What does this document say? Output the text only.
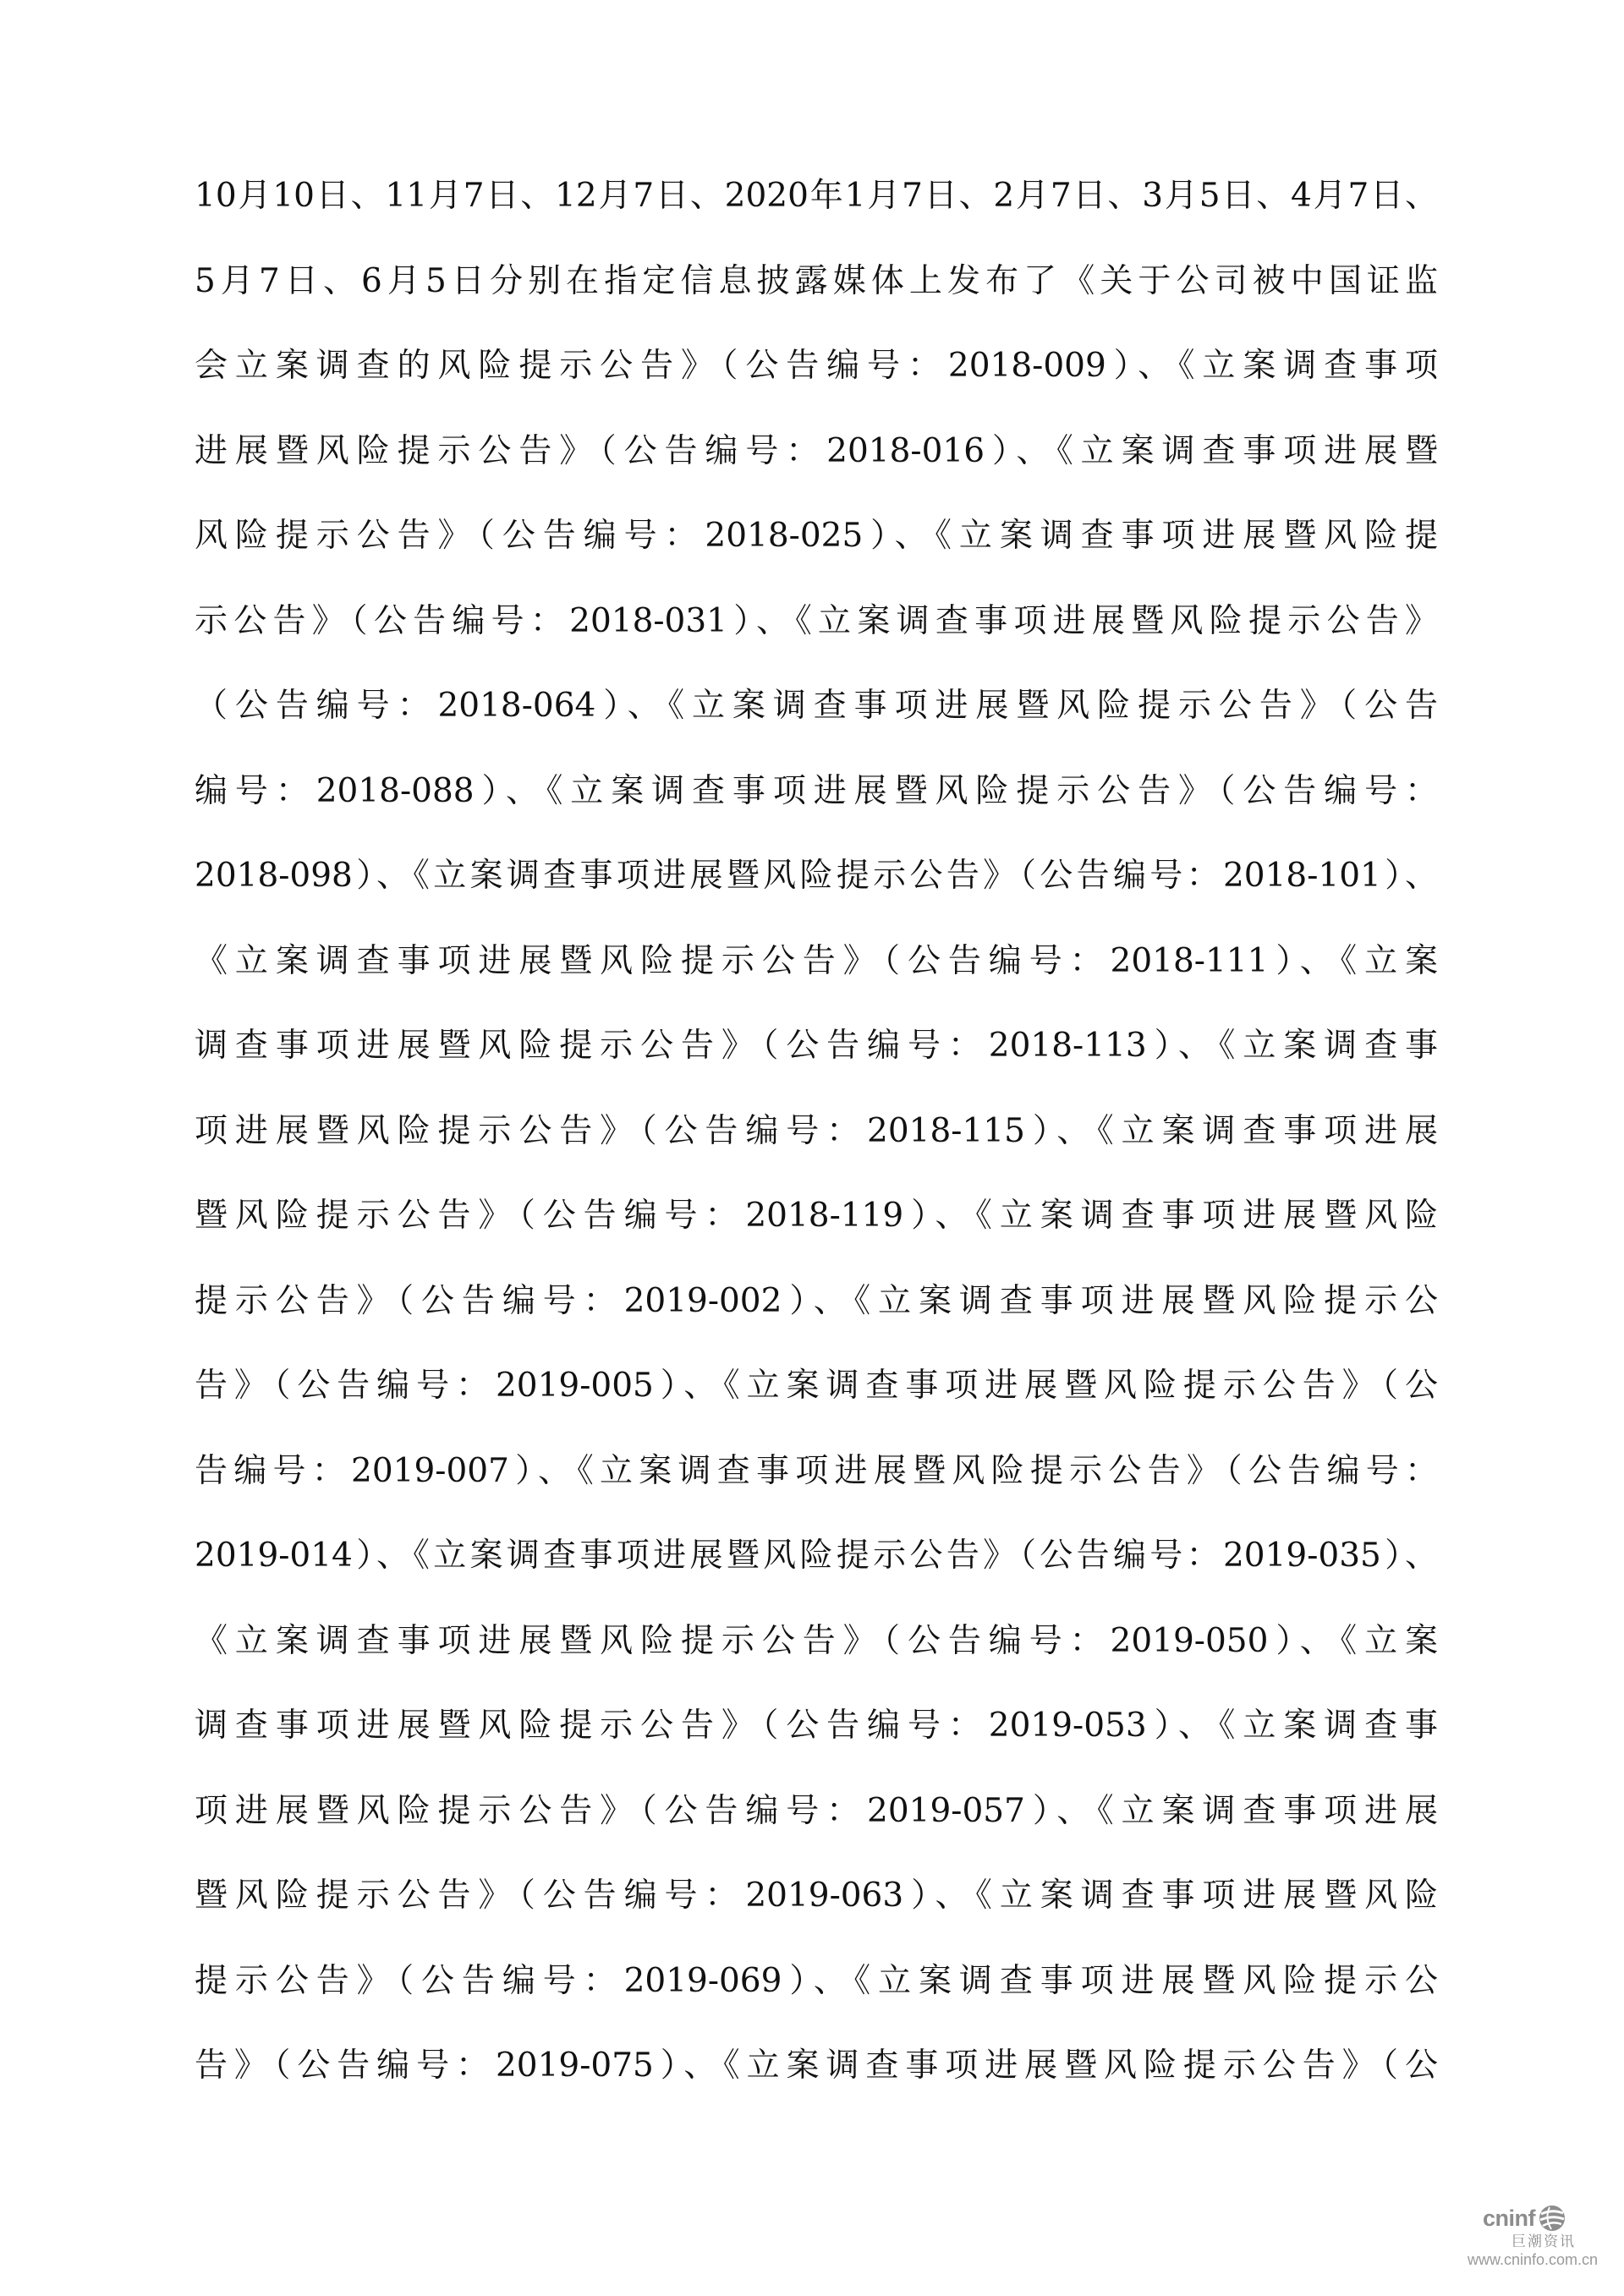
10月10日、11月7日、12月7日、2020年1月7日、2月7日、3月5日、4月7日、
5月7日、6月5日分别在指定信息披露媒体上发布了《关于公司被中国证监
会立案调查的风险提示公告》（公告编号：2018-009）、《立案调查事项
进展暨风险提示公告》（公告编号：2018-016）、《立案调查事项进展暨
风险提示公告》（公告编号：2018-025）、《立案调查事项进展暨风险提
示公告》（公告编号：2018-031）、《立案调查事项进展暨风险提示公告》
（公告编号：2018-064）、《立案调查事项进展暨风险提示公告》（公告
编号：2018-088）、《立案调查事项进展暨风险提示公告》（公告编号：
2018-098）、《立案调查事项进展暨风险提示公告》（公告编号：2018-101）、
《立案调查事项进展暨风险提示公告》（公告编号：2018-111）、《立案
调查事项进展暨风险提示公告》（公告编号：2018-113）、《立案调查事
项进展暨风险提示公告》（公告编号：2018-115）、《立案调查事项进展
暨风险提示公告》（公告编号：2018-119）、《立案调查事项进展暨风险
提示公告》（公告编号：2019-002）、《立案调查事项进展暨风险提示公
告》（公告编号：2019-005）、《立案调查事项进展暨风险提示公告》（公
告编号：2019-007）、《立案调查事项进展暨风险提示公告》（公告编号：
2019-014）、《立案调查事项进展暨风险提示公告》（公告编号：2019-035）、
《立案调查事项进展暨风险提示公告》（公告编号：2019-050）、《立案
调查事项进展暨风险提示公告》（公告编号：2019-053）、《立案调查事
项进展暨风险提示公告》（公告编号：2019-057）、《立案调查事项进展
暨风险提示公告》（公告编号：2019-063）、《立案调查事项进展暨风险
提示公告》（公告编号：2019-069）、《立案调查事项进展暨风险提示公
告》（公告编号：2019-075）、《立案调查事项进展暨风险提示公告》（公
cninf
巨潮资讯
www.cninfo.com.cn
